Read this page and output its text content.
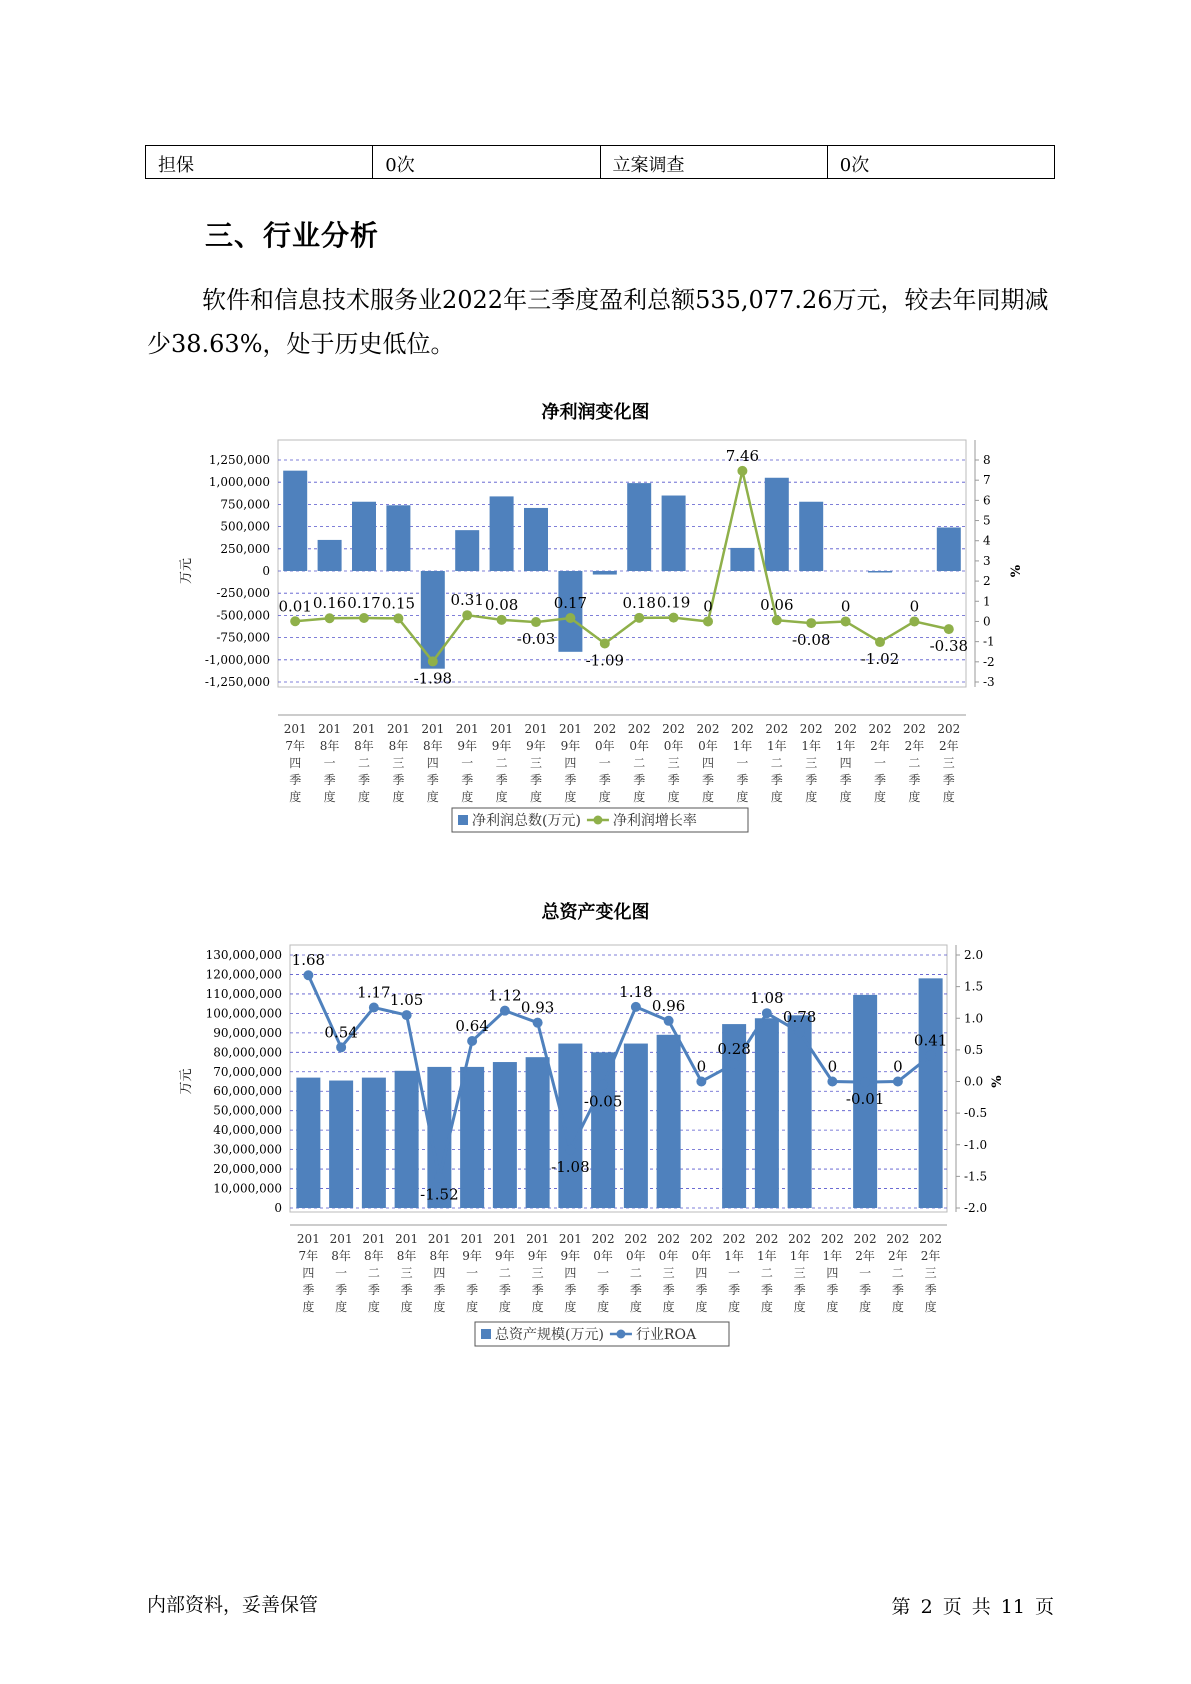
担保	0次	立案调查	0次
三、行业分析

软件和信息技术服务业2022年三季度盈利总额535,077.26万元，较去年同期减少38.63%，处于历史低位。

净利润变化图
-1,250,000
-1,000,000
-750,000
-500,000
-250,000
0
250,000
500,000
750,000
1,000,000
1,250,000
-3
-2
-1
0
1
2
3
4
5
6
7
8
万元	%
201
7年
四
季
度
201
8年
一
季
度
201
8年
二
季
度
201
8年
三
季
度
201
8年
四
季
度
201
9年
一
季
度
201
9年
二
季
度
201
9年
三
季
度
201
9年
四
季
度
202
0年
一
季
度
202
0年
二
季
度
202
0年
三
季
度
202
0年
四
季
度
202
1年
一
季
度
202
1年
二
季
度
202
1年
三
季
度
202
1年
四
季
度
202
2年
一
季
度
202
2年
二
季
度
202
2年
三
季
度
0.01 0.16 0.17 0.15
-1.98
0.31 0.08
-0.03
0.17
-1.09
0.18 0.19 0
7.46
0.06
-0.08
0
-1.02
0
-0.38
净利润总数(万元) 净利润增长率
总资产变化图
0
10,000,000
20,000,000
30,000,000
40,000,000
50,000,000
60,000,000
70,000,000
80,000,000
90,000,000
100,000,000
110,000,000
120,000,000
130,000,000
-2.0
-1.5
-1.0
-0.5
0.0
0.5
1.0
1.5
2.0
万元	%
201
7年
四
季
度
201
8年
一
季
度
201
8年
二
季
度
201
8年
三
季
度
201
8年
四
季
度
201
9年
一
季
度
201
9年
二
季
度
201
9年
三
季
度
201
9年
四
季
度
202
0年
一
季
度
202
0年
二
季
度
202
0年
三
季
度
202
0年
四
季
度
202
1年
一
季
度
202
1年
二
季
度
202
1年
三
季
度
202
1年
四
季
度
202
2年
一
季
度
202
2年
二
季
度
202
2年
三
季
度
1.68
0.54
1.17 1.05
-1.52
0.64
1.12
0.93
-1.08
-0.05
1.18
0.96
0
0.28
1.08
0.78
0
-0.01
0
0.41
总资产规模(万元) 行业ROA
内部资料，妥善保管	第 2 页 共 11 页
